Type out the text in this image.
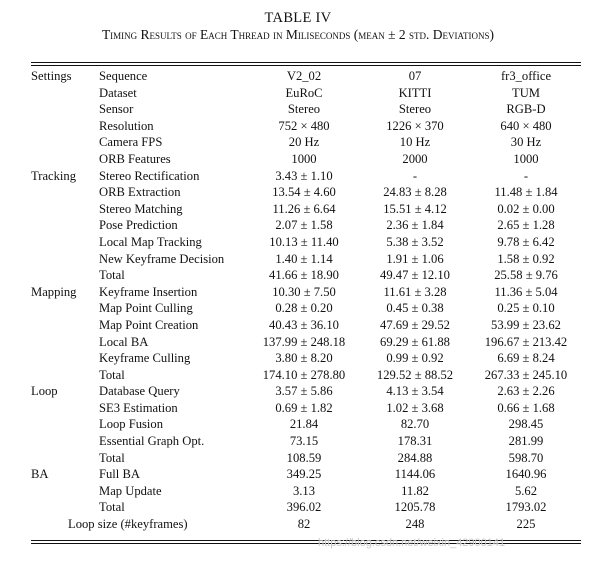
TABLE IV
Timing Results of Each Thread in Miliseconds (mean ± 2 std. Deviations)
Settings	Sequence	V2_02	07	fr3_office
	Dataset	EuRoC	KITTI	TUM
	Sensor	Stereo	Stereo	RGB-D
	Resolution	752 × 480	1226 × 370	640 × 480
	Camera FPS	20 Hz	10 Hz	30 Hz
	ORB Features	1000	2000	1000
Tracking	Stereo Rectification	3.43 ± 1.10	-	-
	ORB Extraction	13.54 ± 4.60	24.83 ± 8.28	11.48 ± 1.84
	Stereo Matching	11.26 ± 6.64	15.51 ± 4.12	0.02 ± 0.00
	Pose Prediction	2.07 ± 1.58	2.36 ± 1.84	2.65 ± 1.28
	Local Map Tracking	10.13 ± 11.40	5.38 ± 3.52	9.78 ± 6.42
	New Keyframe Decision	1.40 ± 1.14	1.91 ± 1.06	1.58 ± 0.92
	Total	41.66 ± 18.90	49.47 ± 12.10	25.58 ± 9.76
Mapping	Keyframe Insertion	10.30 ± 7.50	11.61 ± 3.28	11.36 ± 5.04
	Map Point Culling	0.28 ± 0.20	0.45 ± 0.38	0.25 ± 0.10
	Map Point Creation	40.43 ± 36.10	47.69 ± 29.52	53.99 ± 23.62
	Local BA	137.99 ± 248.18	69.29 ± 61.88	196.67 ± 213.42
	Keyframe Culling	3.80 ± 8.20	0.99 ± 0.92	6.69 ± 8.24
	Total	174.10 ± 278.80	129.52 ± 88.52	267.33 ± 245.10
Loop	Database Query	3.57 ± 5.86	4.13 ± 3.54	2.63 ± 2.26
	SE3 Estimation	0.69 ± 1.82	1.02 ± 3.68	0.66 ± 1.68
	Loop Fusion	21.84	82.70	298.45
	Essential Graph Opt.	73.15	178.31	281.99
	Total	108.59	284.88	598.70
BA	Full BA	349.25	1144.06	1640.96
	Map Update	3.13	11.82	5.62
	Total	396.02	1205.78	1793.02
Loop size (#keyframes)		82	248	225
https://blog.csdn.net/weixin_42900141
